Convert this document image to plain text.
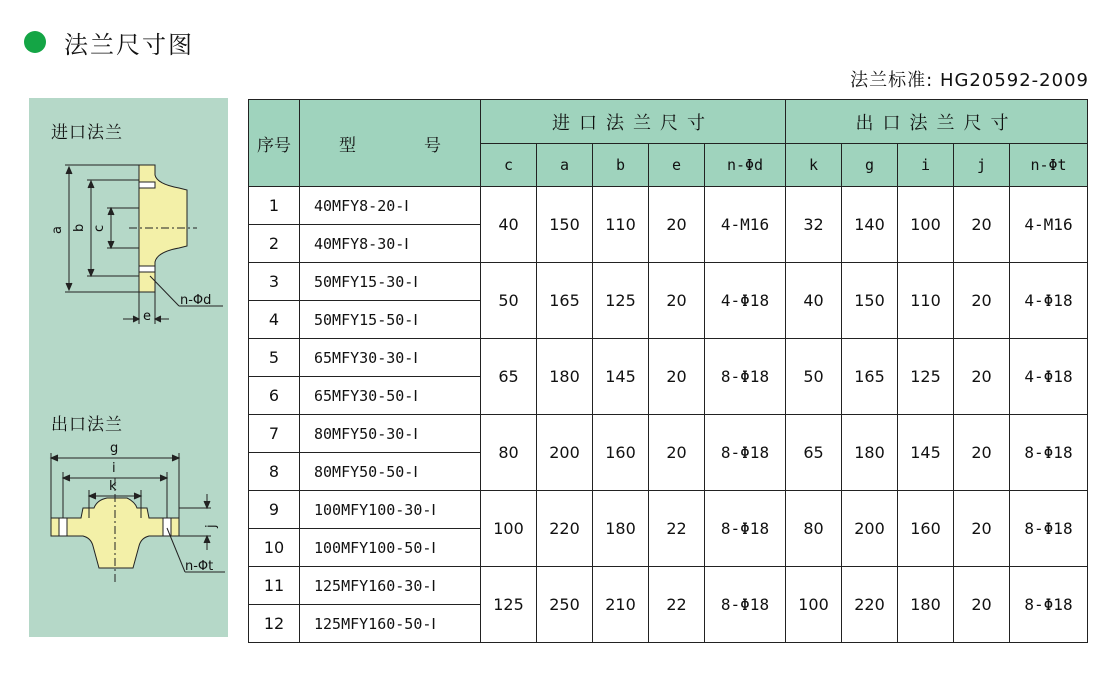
法兰尺寸图
法兰标准: HG20592-2009
进口法兰
出口法兰
a b c
e
n-Φd
g
i
k
j
n-Φt
序号	型 号	进口法兰尺寸					出口法兰尺寸				
		c	a	b	e	n-Φd	k	g	i	j	n-Φt
1	40MFY8-20-Ⅰ	40	150	110	20	4-M16	32	140	100	20	4-M16
2	40MFY8-30-Ⅰ										
3	50MFY15-30-Ⅰ	50	165	125	20	4-Φ18	40	150	110	20	4-Φ18
4	50MFY15-50-Ⅰ										
5	65MFY30-30-Ⅰ	65	180	145	20	8-Φ18	50	165	125	20	4-Φ18
6	65MFY30-50-Ⅰ										
7	80MFY50-30-Ⅰ	80	200	160	20	8-Φ18	65	180	145	20	8-Φ18
8	80MFY50-50-Ⅰ										
9	100MFY100-30-Ⅰ	100	220	180	22	8-Φ18	80	200	160	20	8-Φ18
10	100MFY100-50-Ⅰ										
11	125MFY160-30-Ⅰ	125	250	210	22	8-Φ18	100	220	180	20	8-Φ18
12	125MFY160-50-Ⅰ										
